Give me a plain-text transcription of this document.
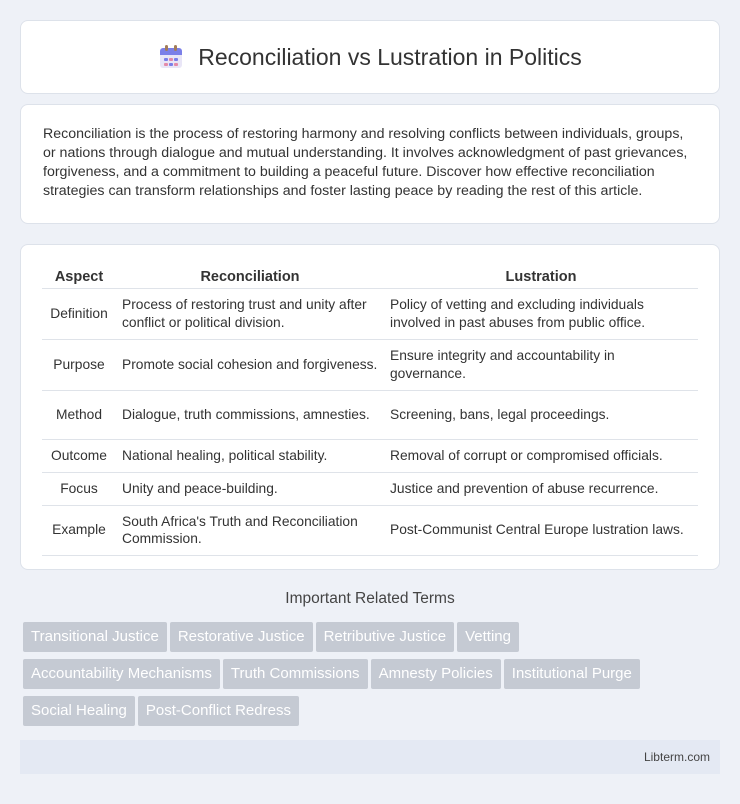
Reconciliation vs Lustration in Politics

Reconciliation is the process of restoring harmony and resolving conflicts between individuals, groups, or nations through dialogue and mutual understanding. It involves acknowledgment of past grievances, forgiveness, and a commitment to building a peaceful future. Discover how effective reconciliation strategies can transform relationships and foster lasting peace by reading the rest of this article.

Aspect	Reconciliation	Lustration
Definition	Process of restoring trust and unity after conflict or political division.	Policy of vetting and excluding individuals involved in past abuses from public office.
Purpose	Promote social cohesion and forgiveness.	Ensure integrity and accountability in governance.
Method	Dialogue, truth commissions, amnesties.	Screening, bans, legal proceedings.
Outcome	National healing, political stability.	Removal of corrupt or compromised officials.
Focus	Unity and peace-building.	Justice and prevention of abuse recurrence.
Example	South Africa's Truth and Reconciliation Commission.	Post-Communist Central Europe lustration laws.
Important Related Terms
Transitional Justice Restorative Justice Retributive Justice Vetting
Accountability Mechanisms Truth Commissions Amnesty Policies Institutional Purge
Social Healing Post-Conflict Redress
Libterm.com
